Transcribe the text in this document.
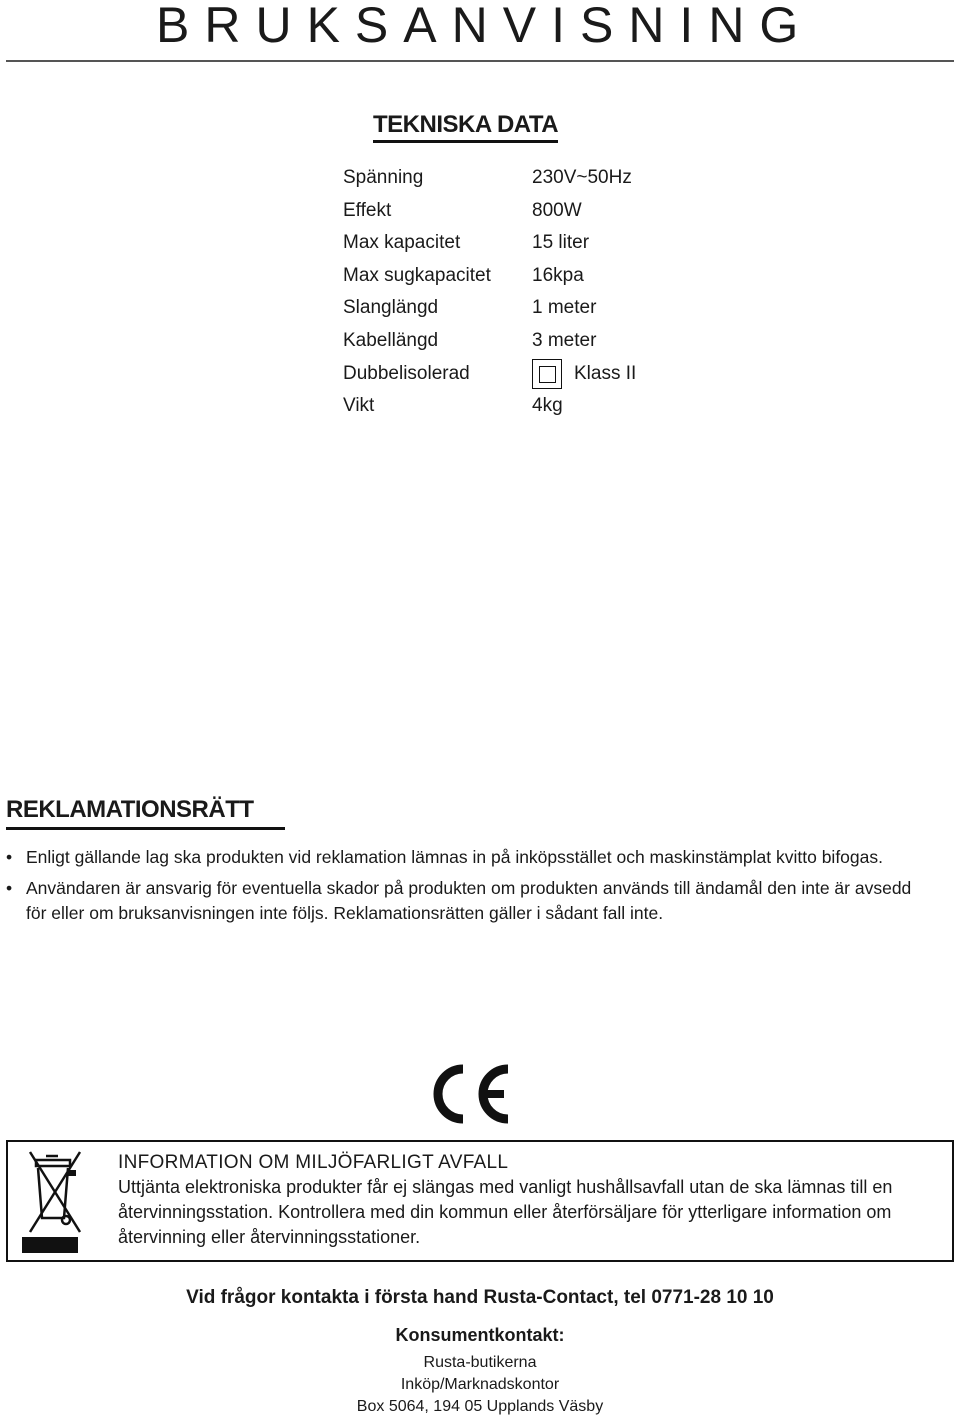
BRUKSANVISNING
TEKNISKA DATA
Spänning	230V~50Hz
Effekt	800W
Max kapacitet	15 liter
Max sugkapacitet 16kpa
Slanglängd	1 meter
Kabellängd	3 meter
Dubbelisolerad	Klass II
Vikt	4kg
REKLAMATIONSRÄTT
• Enligt gällande lag ska produkten vid reklamation lämnas in på inköpsstället och maskinstämplat kvitto bifogas.
• Användaren är ansvarig för eventuella skador på produkten om produkten används till ändamål den inte är avsedd för eller om bruksanvisningen inte följs. Reklamationsrätten gäller i sådant fall inte.
INFORMATION OM MILJÖFARLIGT AVFALL
Uttjänta elektroniska produkter får ej slängas med vanligt hushållsavfall utan de ska lämnas till en återvinningsstation. Kontrollera med din kommun eller återförsäljare för ytterligare information om återvinning eller återvinningsstationer.
Vid frågor kontakta i första hand Rusta-Contact, tel 0771-28 10 10
Konsumentkontakt:
Rusta-butikerna
Inköp/Marknadskontor
Box 5064, 194 05 Upplands Väsby
